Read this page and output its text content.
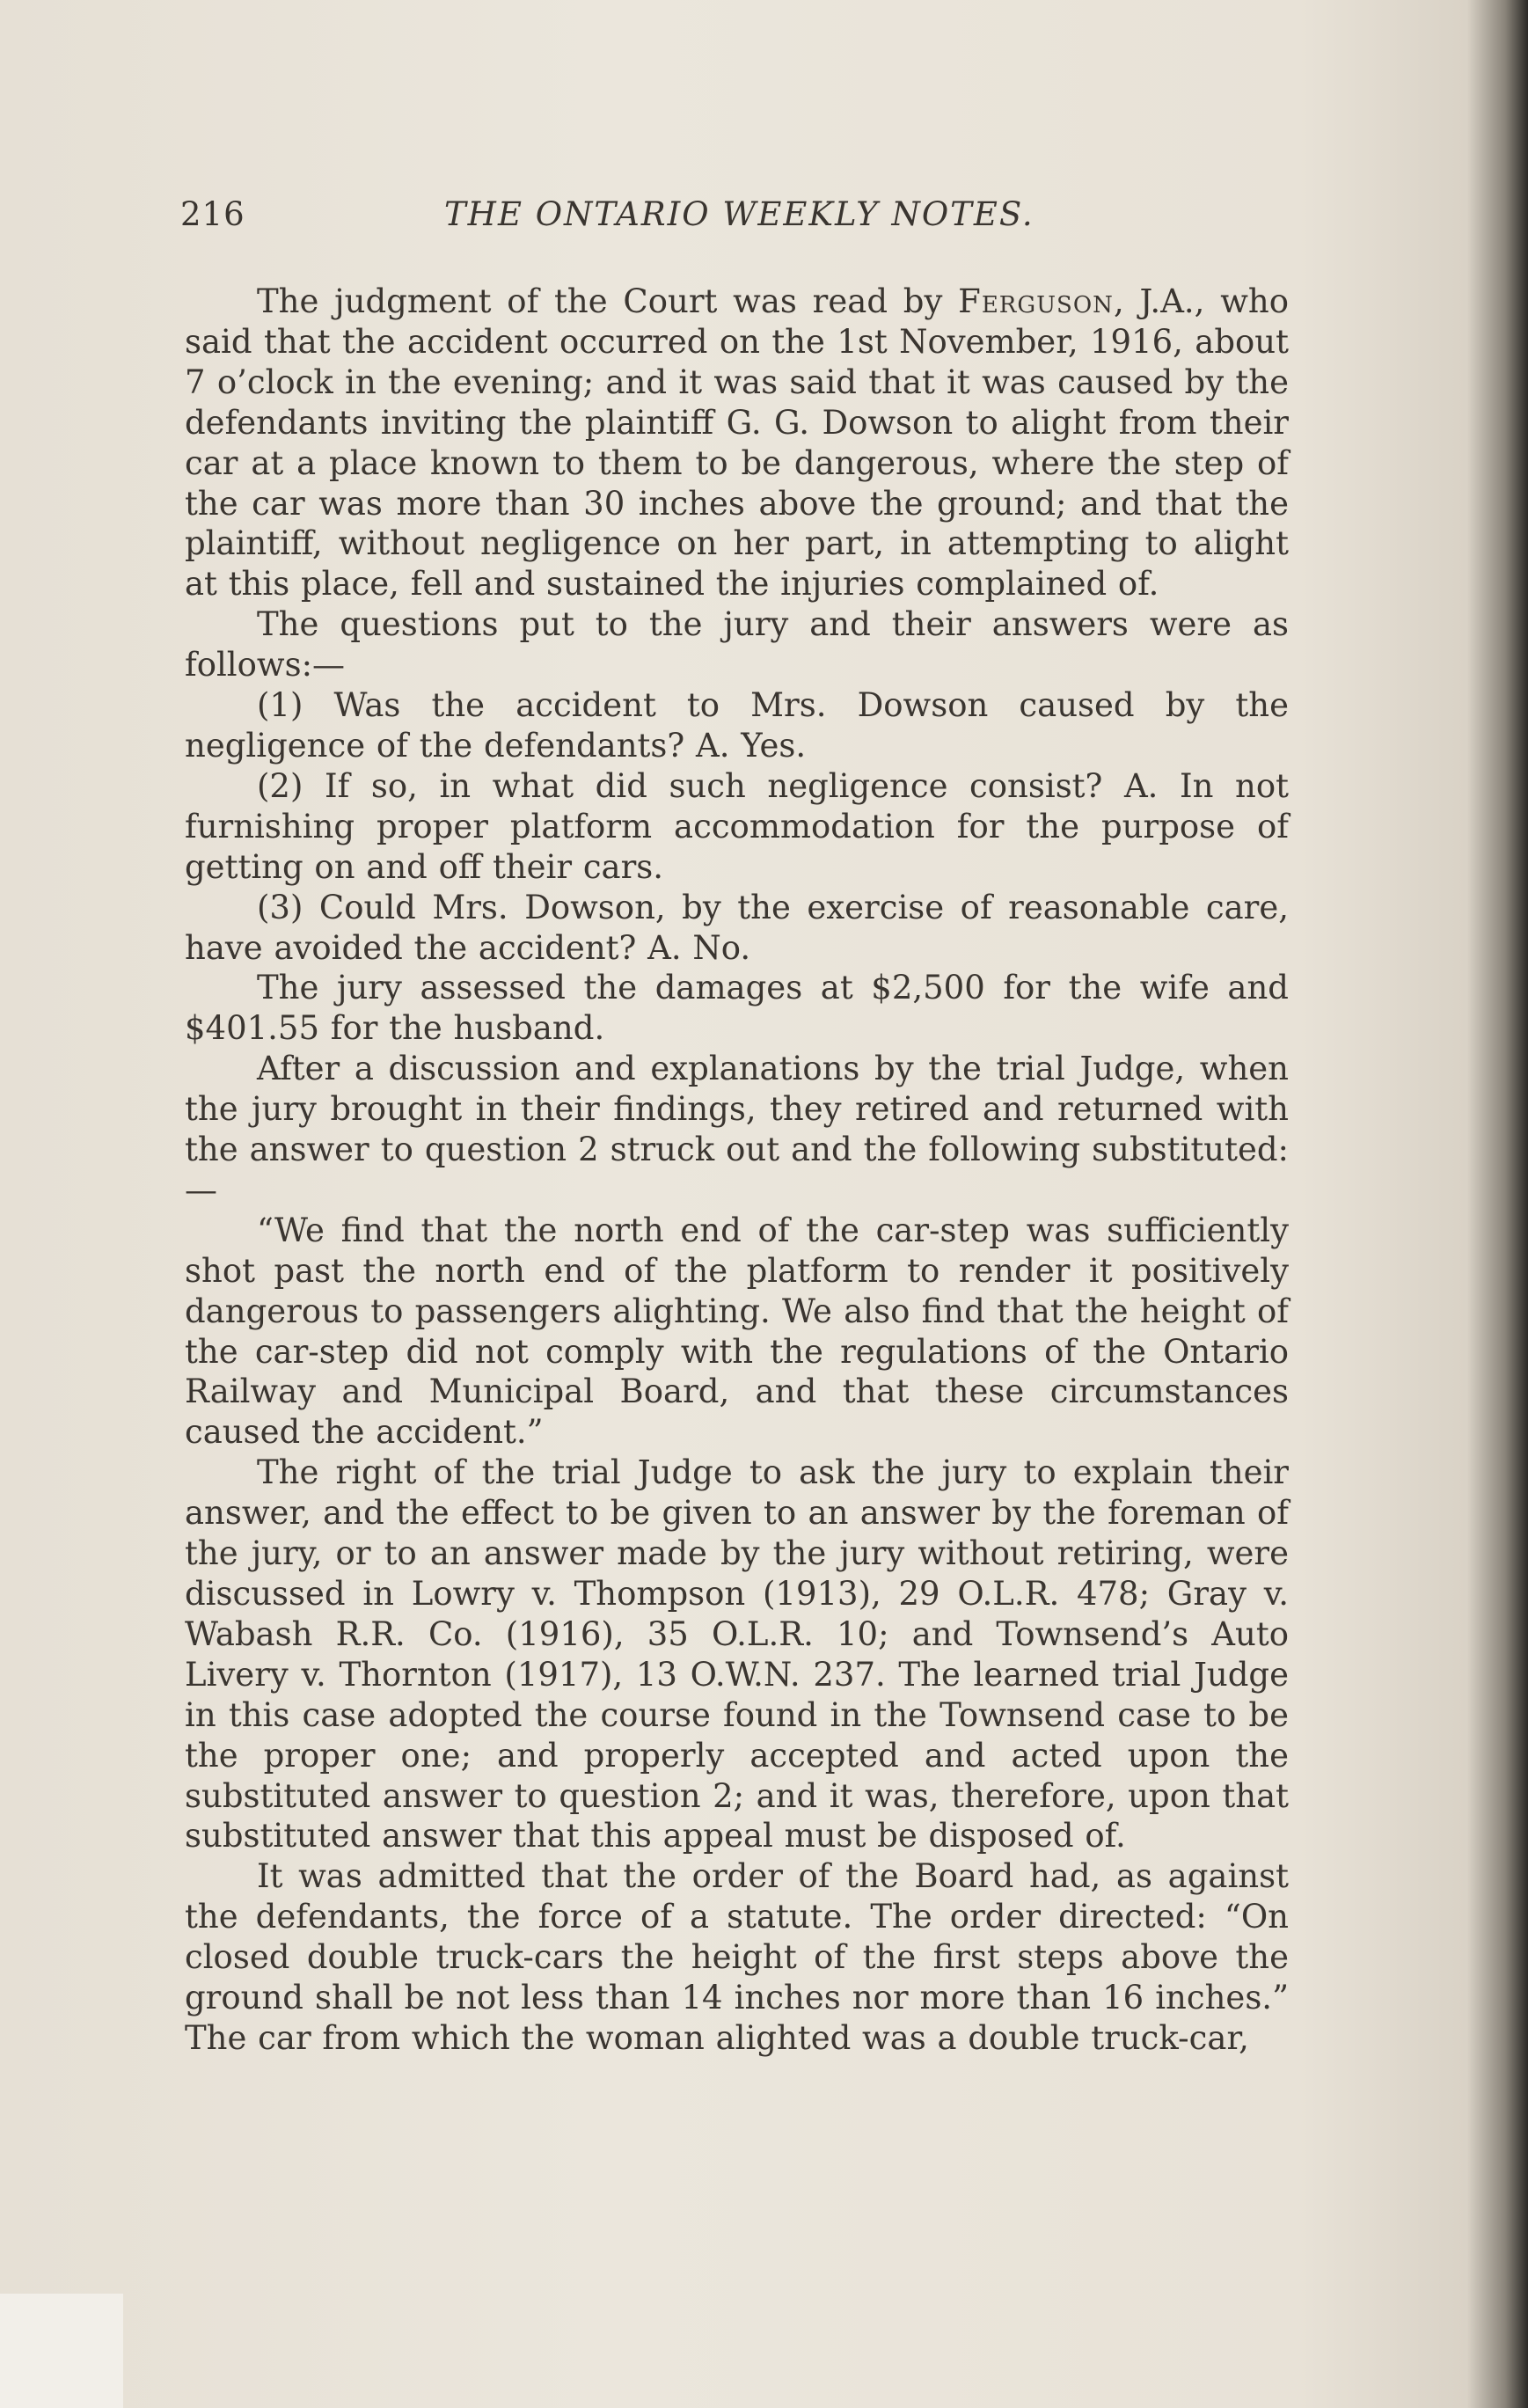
216	THE ONTARIO WEEKLY NOTES.

The judgment of the Court was read by Ferguson, J.A., who said that the accident occurred on the 1st November, 1916, about 7 o’clock in the evening; and it was said that it was caused by the defendants inviting the plaintiff G. G. Dowson to alight from their car at a place known to them to be dangerous, where the step of the car was more than 30 inches above the ground; and that the plaintiff, without negligence on her part, in attempting to alight at this place, fell and sustained the injuries complained of.

The questions put to the jury and their answers were as follows:—

(1) Was the accident to Mrs. Dowson caused by the negligence of the defendants? A. Yes.

(2) If so, in what did such negligence consist? A. In not furnishing proper platform accommodation for the purpose of getting on and off their cars.

(3) Could Mrs. Dowson, by the exercise of reasonable care, have avoided the accident? A. No.

The jury assessed the damages at $2,500 for the wife and $401.55 for the husband.

After a discussion and explanations by the trial Judge, when the jury brought in their findings, they retired and returned with the answer to question 2 struck out and the following substituted:—

“We find that the north end of the car-step was sufficiently shot past the north end of the platform to render it positively dangerous to passengers alighting. We also find that the height of the car-step did not comply with the regulations of the Ontario Railway and Municipal Board, and that these circumstances caused the accident.”

The right of the trial Judge to ask the jury to explain their answer, and the effect to be given to an answer by the foreman of the jury, or to an answer made by the jury without retiring, were discussed in Lowry v. Thompson (1913), 29 O.L.R. 478; Gray v. Wabash R.R. Co. (1916), 35 O.L.R. 10; and Townsend’s Auto Livery v. Thornton (1917), 13 O.W.N. 237. The learned trial Judge in this case adopted the course found in the Townsend case to be the proper one; and properly accepted and acted upon the substituted answer to question 2; and it was, therefore, upon that substituted answer that this appeal must be disposed of.

It was admitted that the order of the Board had, as against the defendants, the force of a statute. The order directed: “On closed double truck-cars the height of the first steps above the ground shall be not less than 14 inches nor more than 16 inches.” The car from which the woman alighted was a double truck-car,
